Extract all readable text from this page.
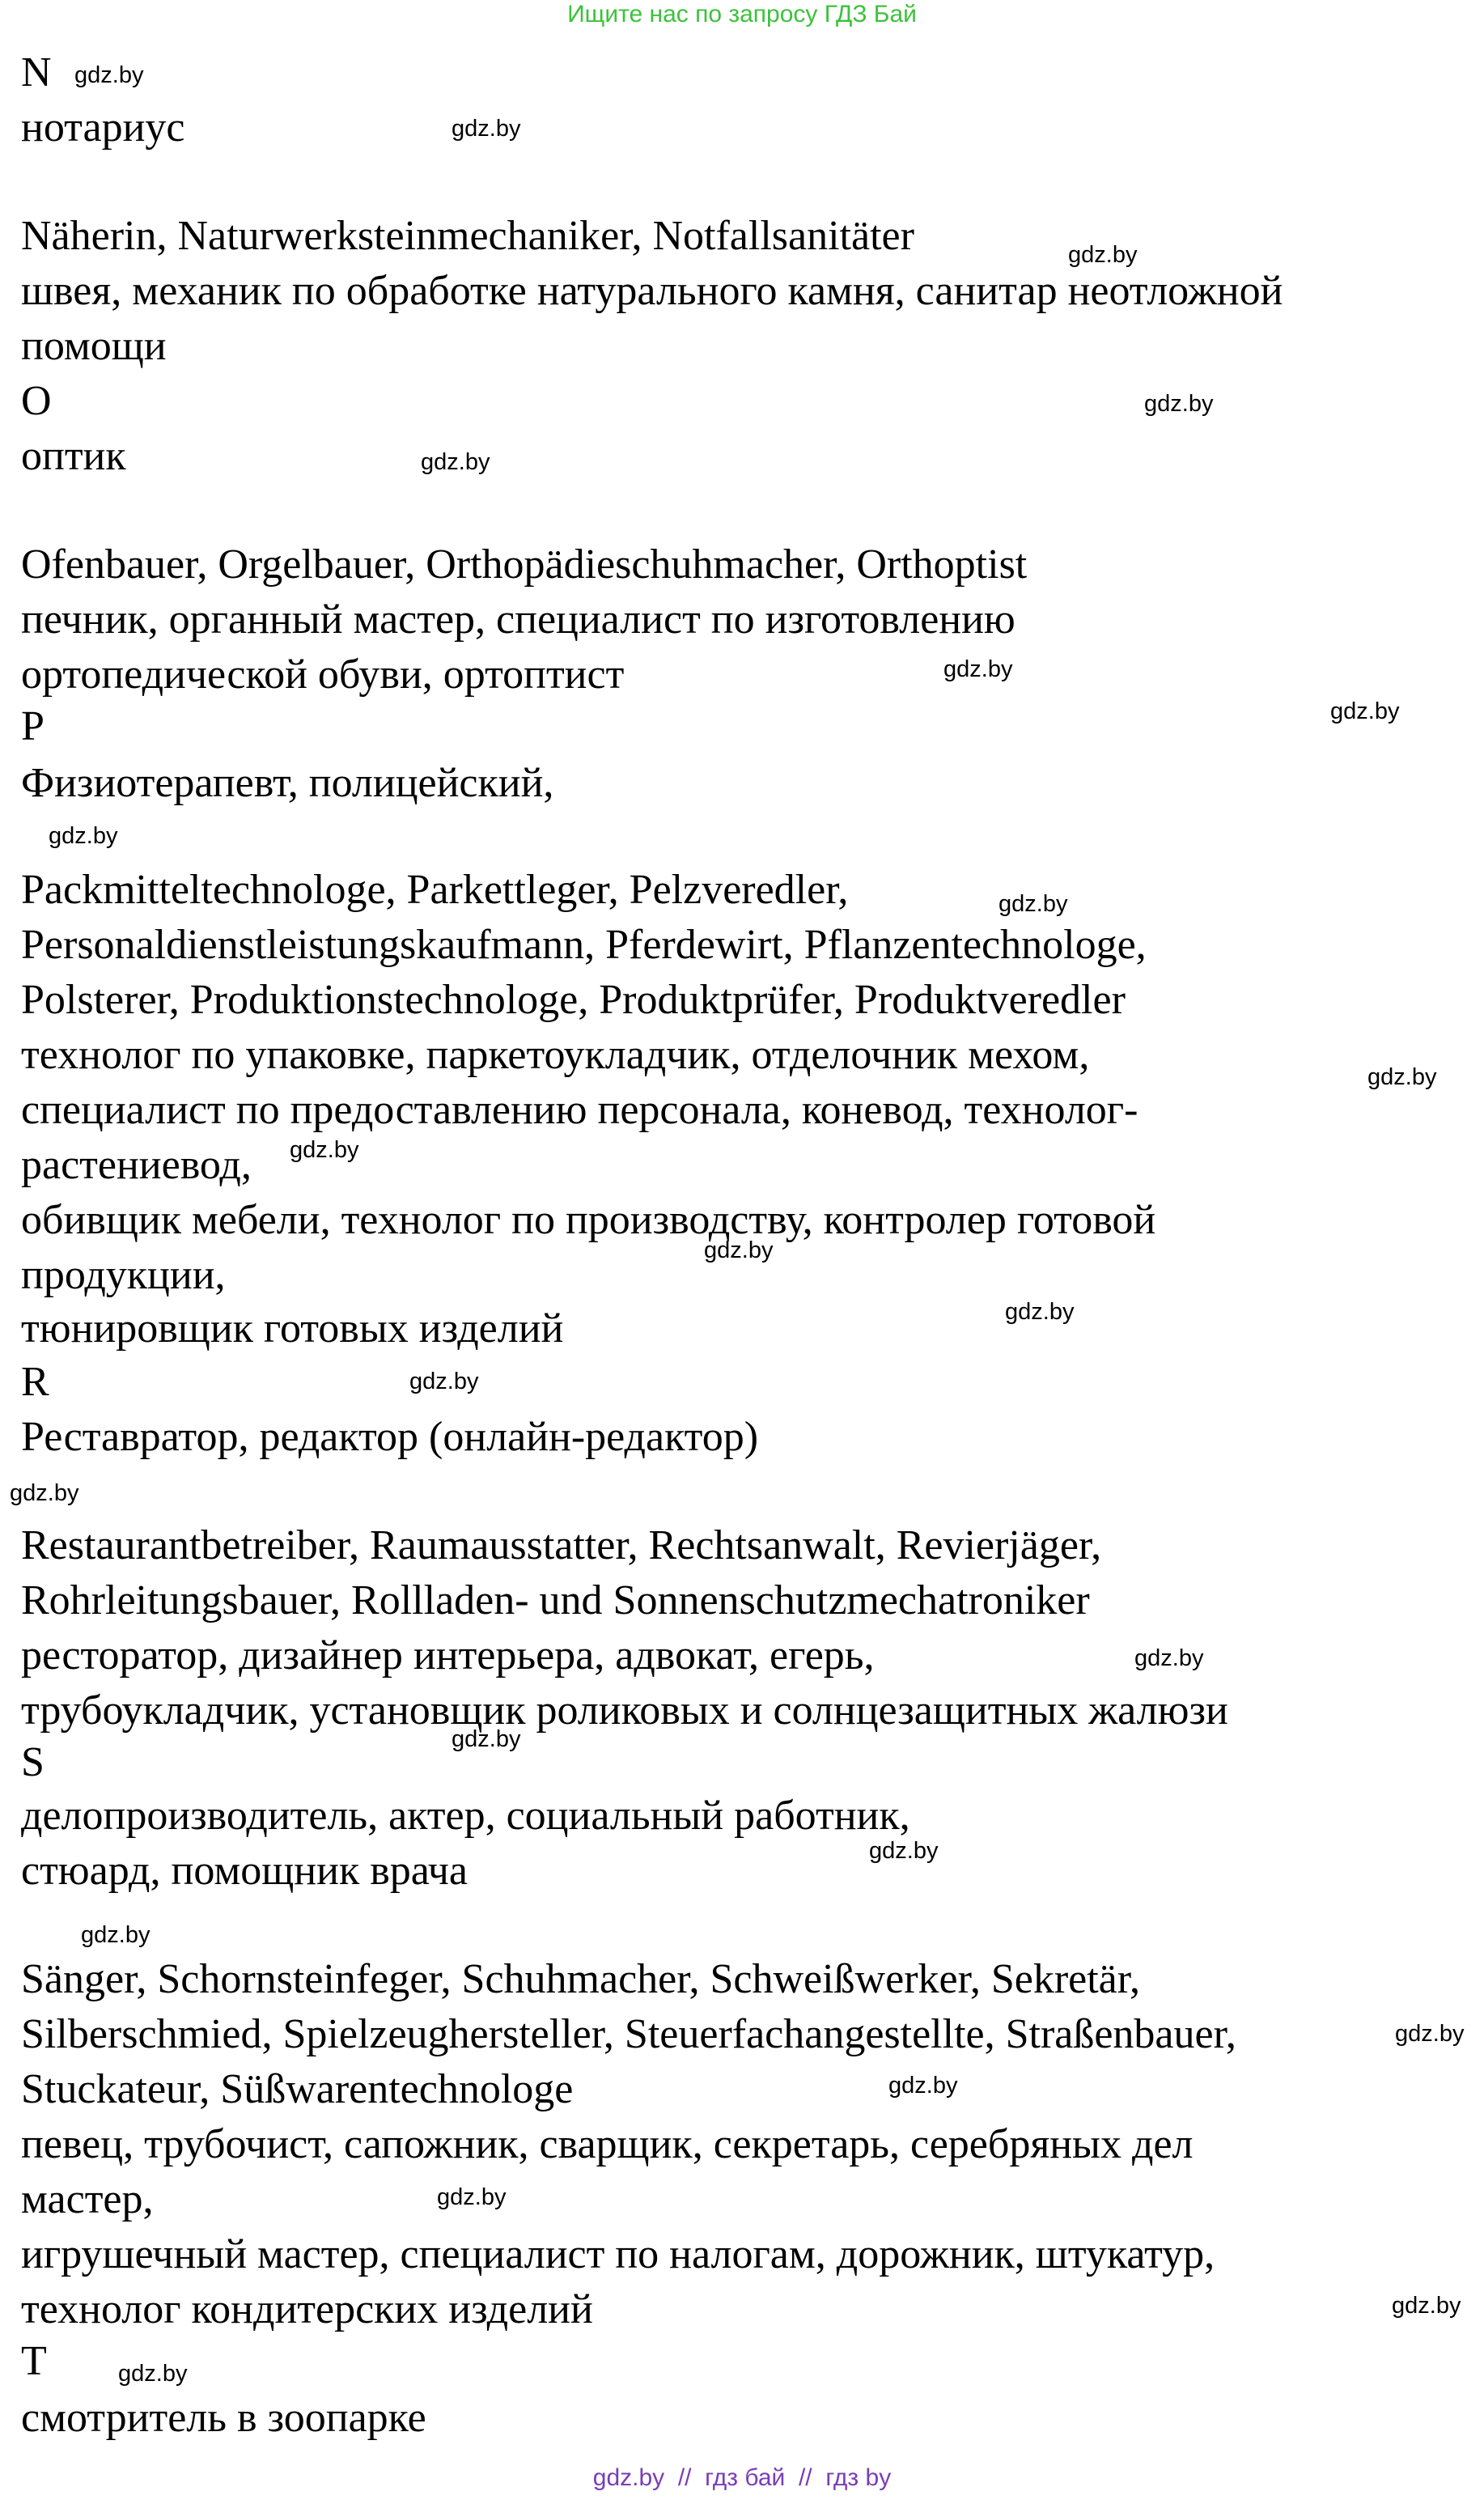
Ищите нас по запросу ГДЗ Бай
N
нотариус
Näherin, Naturwerksteinmechaniker, Notfallsanitäter
швея, механик по обработке натурального камня, санитар неотложной
помощи
O
оптик
Ofenbauer, Orgelbauer, Orthopädieschuhmacher, Orthoptist
печник, органный мастер, специалист по изготовлению
ортопедической обуви, ортоптист
P
Физиотерапевт, полицейский,
Packmitteltechnologe, Parkettleger, Pelzveredler,
Personaldienstleistungskaufmann, Pferdewirt, Pflanzentechnologe,
Polsterer, Produktionstechnologe, Produktprüfer, Produktveredler
технолог по упаковке, паркетоукладчик, отделочник мехом,
специалист по предоставлению персонала, коневод, технолог-
растениевод,
обивщик мебели, технолог по производству, контролер готовой
продукции,
тюнировщик готовых изделий
R
Реставратор, редактор (онлайн-редактор)
Restaurantbetreiber, Raumausstatter, Rechtsanwalt, Revierjäger,
Rohrleitungsbauer, Rollladen- und Sonnenschutzmechatroniker
ресторатор, дизайнер интерьера, адвокат, егерь,
трубоукладчик, установщик роликовых и солнцезащитных жалюзи
S
делопроизводитель, актер, социальный работник,
стюард, помощник врача
Sänger, Schornsteinfeger, Schuhmacher, Schweißwerker, Sekretär,
Silberschmied, Spielzeughersteller, Steuerfachangestellte, Straßenbauer,
Stuckateur, Süßwarentechnologe
певец, трубочист, сапожник, сварщик, секретарь, серебряных дел
мастер,
игрушечный мастер, специалист по налогам, дорожник, штукатур,
технолог кондитерских изделий
T
смотритель в зоопарке
gdz.by
gdz.by
gdz.by
gdz.by
gdz.by
gdz.by
gdz.by
gdz.by
gdz.by
gdz.by
gdz.by
gdz.by
gdz.by
gdz.by
gdz.by
gdz.by
gdz.by
gdz.by
gdz.by
gdz.by
gdz.by
gdz.by
gdz.by
gdz.by
gdz.by  //  гдз бай  //  гдз by
